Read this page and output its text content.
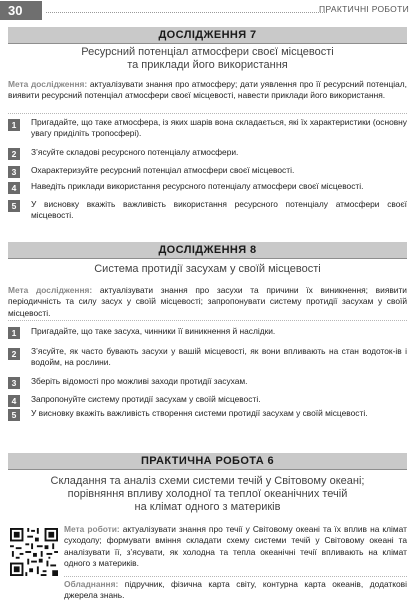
30	ПРАКТИЧНІ РОБОТИ
ДОСЛІДЖЕННЯ 7
Ресурсний потенціал атмосфери своєї місцевості
та приклади його використання
Мета дослідження: актуалізувати знання про атмосферу; дати уявлення про її ресурсний потенціал, виявити ресурсний потенціал атмосфери своєї місцевості, навести приклади його використання.
1	Пригадайте, що таке атмосфера, із яких шарів вона складається, які їх характеристики (основну увагу приділіть тропосфері).
2	З’ясуйте складові ресурсного потенціалу атмосфери.
3	Охарактеризуйте ресурсний потенціал атмосфери своєї місцевості.
4	Наведіть приклади використання ресурсного потенціалу атмосфери своєї місцевості.
5	У висновку вкажіть важливість використання ресурсного потенціалу атмосфери своєї місцевості.
ДОСЛІДЖЕННЯ 8
Система протидії засухам у своїй місцевості
Мета дослідження: актуалізувати знання про засухи та причини їх виникнення; виявити періодичність та силу засух у своїй місцевості; запропонувати систему протидії засухам у своїй місцевості.
1	Пригадайте, що таке засуха, чинники її виникнення й наслідки.
2	З’ясуйте, як часто бувають засухи у вашій місцевості, як вони впливають на стан водоток-ів і водойм, на рослини.
3	Зберіть відомості про можливі заходи протидії засухам.
4	Запропонуйте систему протидії засухам у своїй місцевості.
5	У висновку вкажіть важливість створення системи протидії засухам у своїй місцевості.
ПРАКТИЧНА РОБОТА 6
Складання та аналіз схеми системи течій у Світовому океані;
порівняння впливу холодної та теплої океанічних течій
на клімат одного з материків
Мета роботи: актуалізувати знання про течії у Світовому океані та їх вплив на клімат суходолу; формувати вміння складати схему системи течій у Світовому океані та аналізувати її, з’ясувати, як холодна та тепла океанічні течії впливають на клімат одного з материків.
Обладнання: підручник, фізична карта світу, контурна карта океанів, додаткові джерела знань.
